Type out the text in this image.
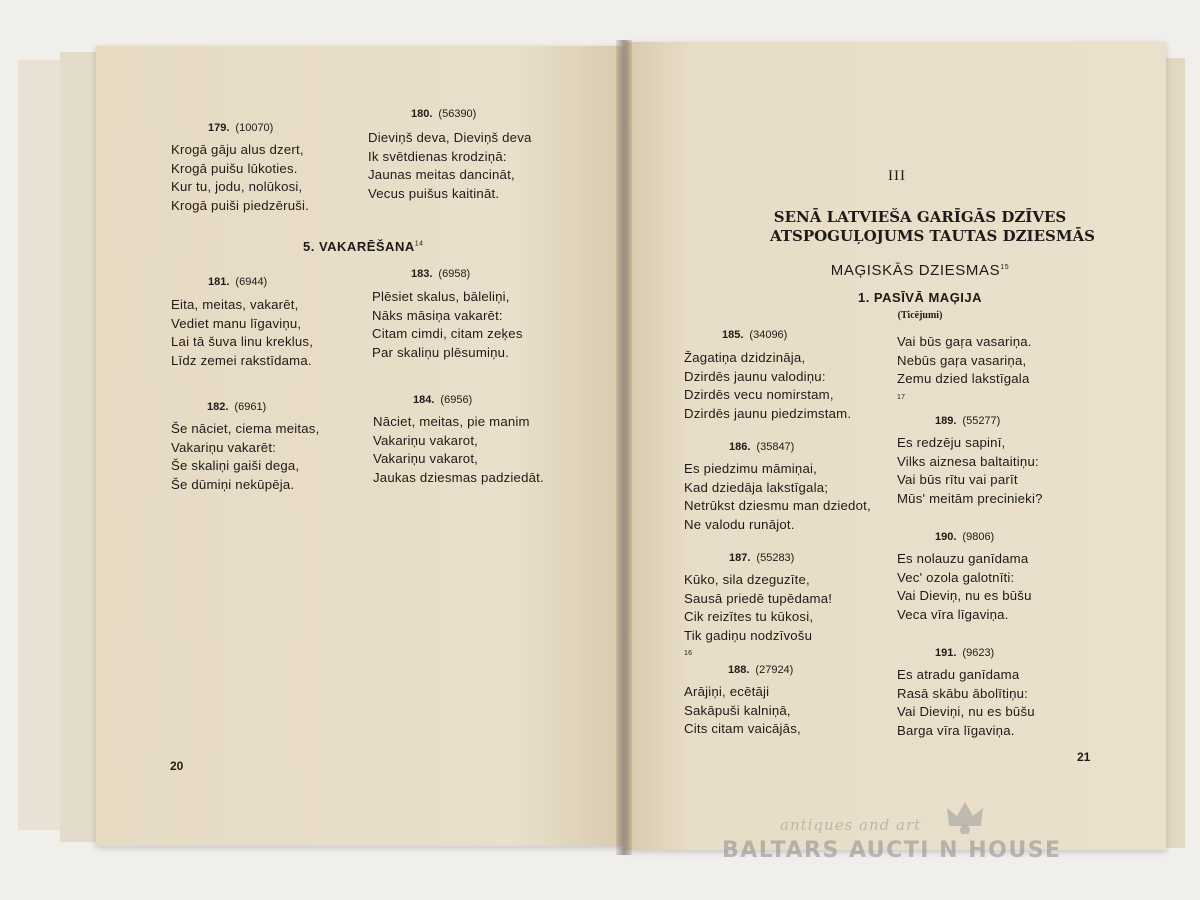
179. (10070)
Krogā gāju alus dzert,
Krogā puišu lūkoties.
Kur tu, jodu, nolūkosi,
Krogā puiši piedzēruši.
180. (56390)
Dieviņš deva, Dieviņš deva
Ik svētdienas krodziņā:
Jaunas meitas dancināt,
Vecus puišus kaitināt.
5. VAKARĒŠANA$^{14}$
181. (6944)
Eita, meitas, vakarēt,
Vediet manu līgaviņu,
Lai tā šuva linu kreklus,
Līdz zemei rakstīdama.
183. (6958)
Plēsiet skalus, bāleliņi,
Nāks māsiņa vakarēt:
Citam cimdi, citam zeķes
Par skaliņu plēsumiņu.
182. (6961)
Še nāciet, ciema meitas,
Vakariņu vakarēt:
Še skaliņi gaiši dega,
Še dūmiņi nekūpēja.
184. (6956)
Nāciet, meitas, pie manim
Vakariņu vakarot,
Vakariņu vakarot,
Jaukas dziesmas padziedāt.
20
III
SENĀ LATVIEŠA GARĪGĀS DZĪVES
ATSPOGUĻOJUMS TAUTAS DZIESMĀS
MAĢISKĀS DZIESMAS$^{15}$
1. PASĪVĀ MAĢIJA
(Ticējumi)
185. (34096)
Žagatiņa dzidzināja,
Dzirdēs jaunu valodiņu:
Dzirdēs vecu nomirstam,
Dzirdēs jaunu piedzimstam.
186. (35847)
Es piedzimu māmiņai,
Kad dziedāja lakstīgala;
Netrūkst dziesmu man dziedot,
Ne valodu runājot.
187. (55283)
Kūko, sila dzeguzīte,
Sausā priedē tupēdama!
Cik reizītes tu kūkosi,
Tik gadiņu nodzīvošu
$^{16}$
188. (27924)
Arājiņi, ecētāji
Sakāpuši kalniņā,
Cits citam vaicājās,
Vai būs gaŗa vasariņa.
Nebūs gaŗa vasariņa,
Zemu dzied lakstīgala
$^{17}$
189. (55277)
Es redzēju sapinī,
Vilks aiznesa baltaitiņu:
Vai būs rītu vai parīt
Mūs' meitām precinieki?
190. (9806)
Es nolauzu ganīdama
Vec' ozola galotnīti:
Vai Dieviņ, nu es būšu
Veca vīra līgaviņa.
191. (9623)
Es atradu ganīdama
Rasā skābu ābolītiņu:
Vai Dieviņi, nu es būšu
Barga vīra līgaviņa.
21
antiques and art
BALTARS AUCTI N HOUSE
